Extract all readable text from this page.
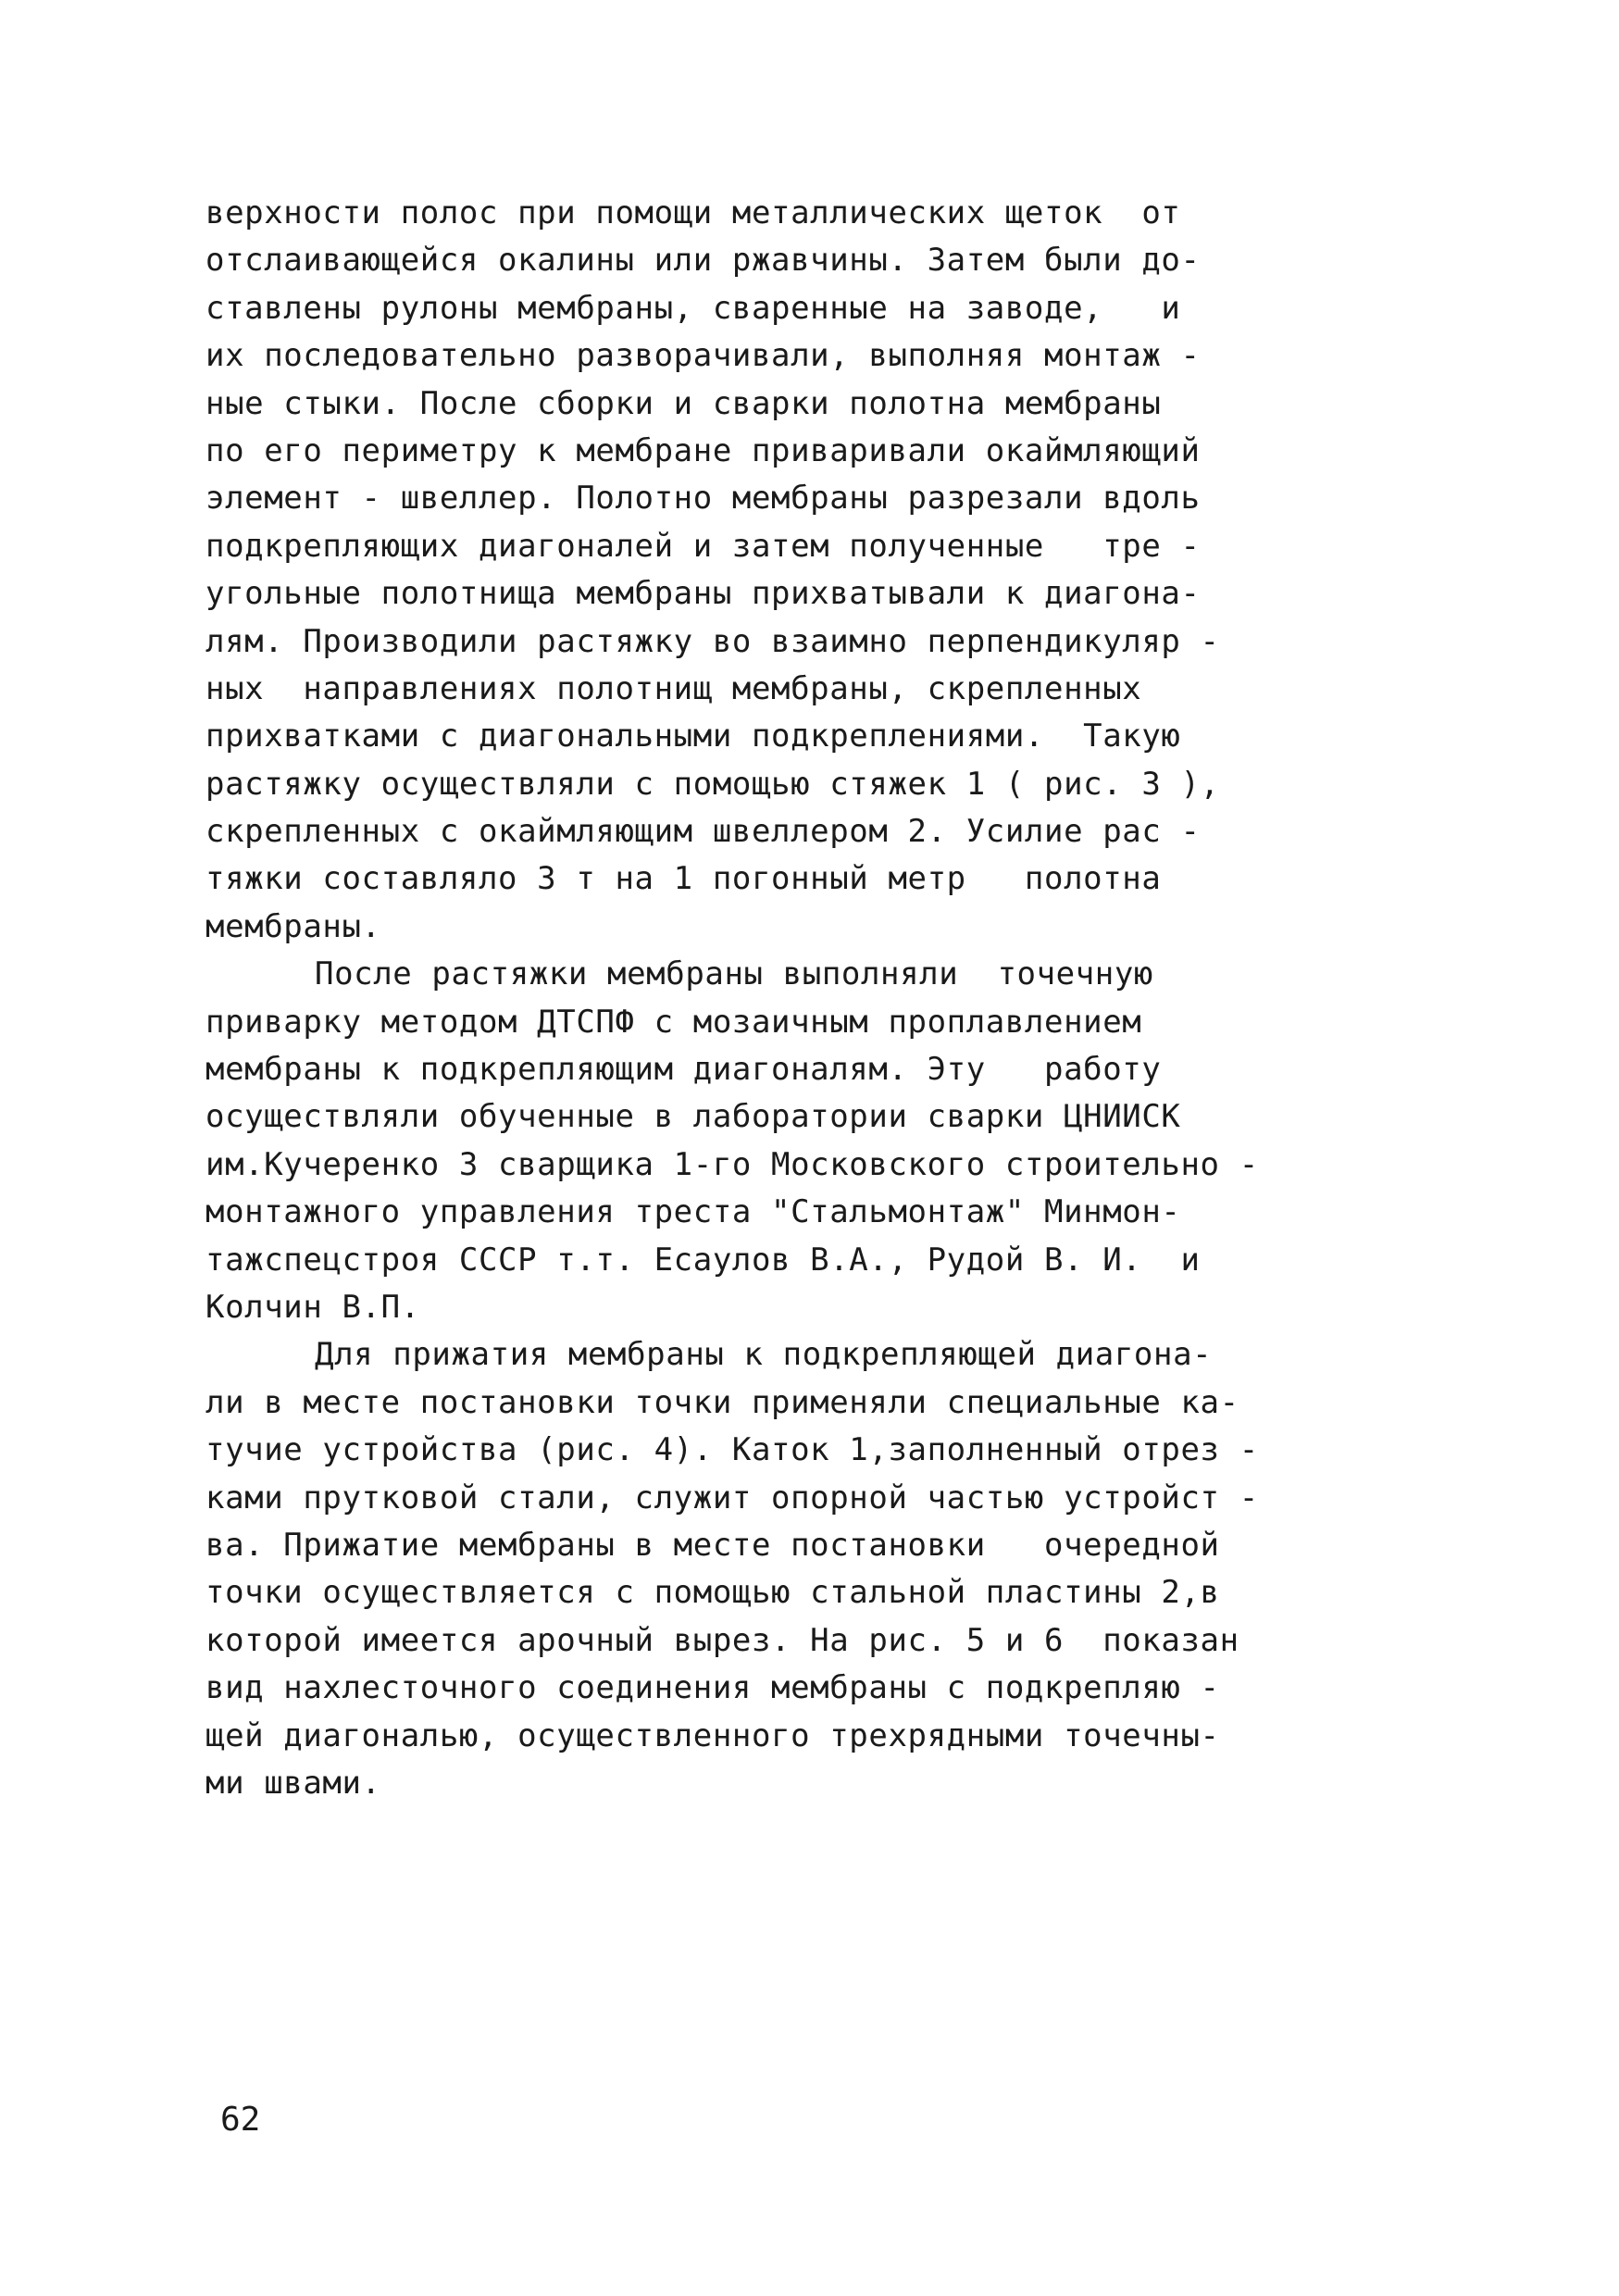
верхности полос при помощи металлических щеток  от
отслаивающейся окалины или ржавчины. Затем были до-
ставлены рулоны мембраны, сваренные на заводе,   и
их последовательно разворачивали, выполняя монтаж -
ные стыки. После сборки и сварки полотна мембраны
по его периметру к мембране приваривали окаймляющий
элемент - швеллер. Полотно мембраны разрезали вдоль
подкрепляющих диагоналей и затем полученные   тре -
угольные полотнища мембраны прихватывали к диагона-
лям. Производили растяжку во взаимно перпендикуляр -
ных  направлениях полотнищ мембраны, скрепленных
прихватками с диагональными подкреплениями.  Такую
растяжку осуществляли с помощью стяжек 1 ( рис. 3 ),
скрепленных с окаймляющим швеллером 2. Усилие рас -
тяжки составляло 3 т на 1 погонный метр   полотна
мембраны.
После растяжки мембраны выполняли  точечную
приварку методом ДТСПФ с мозаичным проплавлением
мембраны к подкрепляющим диагоналям. Эту   работу
осуществляли обученные в лаборатории сварки ЦНИИСК
им.Кучеренко 3 сварщика 1-го Московского строительно -
монтажного управления треста "Стальмонтаж" Минмон-
тажспецстроя СССР т.т. Есаулов В.А., Рудой В. И.  и
Колчин В.П.
Для прижатия мембраны к подкрепляющей диагона-
ли в месте постановки точки применяли специальные ка-
тучие устройства (рис. 4). Каток 1,заполненный отрез -
ками прутковой стали, служит опорной частью устройст -
ва. Прижатие мембраны в месте постановки   очередной
точки осуществляется с помощью стальной пластины 2,в
которой имеется арочный вырез. На рис. 5 и 6  показан
вид нахлесточного соединения мембраны с подкрепляю -
щей диагональю, осуществленного трехрядными точечны-
ми швами.
62
